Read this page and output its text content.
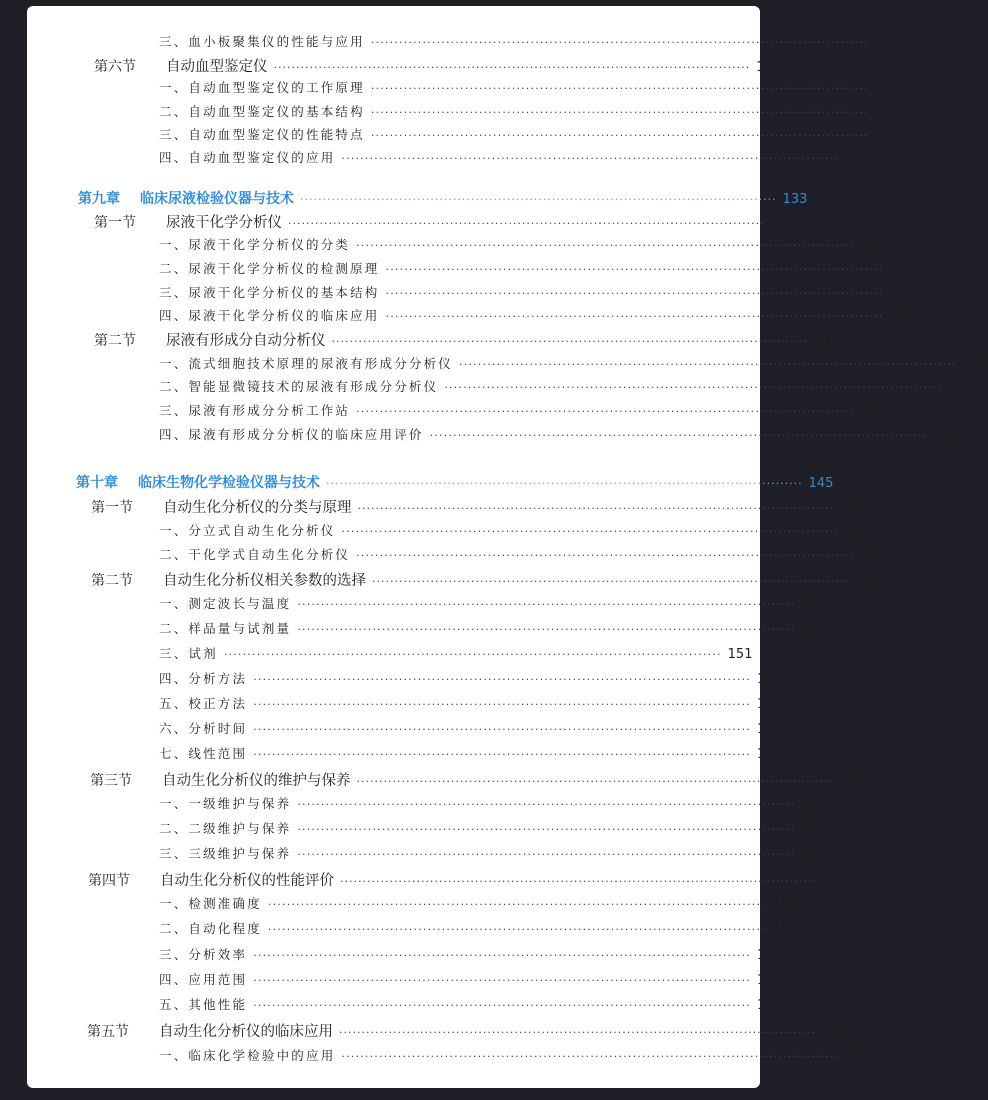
三、血小板聚集仪的性能与应用 ·········································································································· 126
第六节	自动血型鉴定仪 ·········································································································· 126
一、自动血型鉴定仪的工作原理 ·········································································································· 126
二、自动血型鉴定仪的基本结构 ·········································································································· 127
三、自动血型鉴定仪的性能特点 ·········································································································· 129
四、自动血型鉴定仪的应用 ·········································································································· 130
第九章	临床尿液检验仪器与技术 ·········································································································· 133
第一节	尿液干化学分析仪 ·········································································································· 133
一、尿液干化学分析仪的分类 ·········································································································· 134
二、尿液干化学分析仪的检测原理 ·········································································································· 134
三、尿液干化学分析仪的基本结构 ·········································································································· 136
四、尿液干化学分析仪的临床应用 ·········································································································· 137
第二节	尿液有形成分自动分析仪 ·········································································································· 137
一、流式细胞技术原理的尿液有形成分分析仪 ·········································································································· 138
二、智能显微镜技术的尿液有形成分分析仪 ·········································································································· 140
三、尿液有形成分分析工作站 ·········································································································· 142
四、尿液有形成分分析仪的临床应用评价 ·········································································································· 143
第十章	临床生物化学检验仪器与技术 ·········································································································· 145
第一节	自动生化分析仪的分类与原理 ·········································································································· 145
一、分立式自动生化分析仪 ·········································································································· 146
二、干化学式自动生化分析仪 ·········································································································· 149
第二节	自动生化分析仪相关参数的选择 ·········································································································· 150
一、测定波长与温度 ·········································································································· 150
二、样品量与试剂量 ·········································································································· 151
三、试剂 ·········································································································· 151
四、分析方法 ·········································································································· 151
五、校正方法 ·········································································································· 153
六、分析时间 ·········································································································· 153
七、线性范围 ·········································································································· 153
第三节	自动生化分析仪的维护与保养 ·········································································································· 153
一、一级维护与保养 ·········································································································· 153
二、二级维护与保养 ·········································································································· 154
三、三级维护与保养 ·········································································································· 154
第四节	自动生化分析仪的性能评价 ·········································································································· 154
一、检测准确度 ·········································································································· 154
二、自动化程度 ·········································································································· 154
三、分析效率 ·········································································································· 155
四、应用范围 ·········································································································· 155
五、其他性能 ·········································································································· 155
第五节	自动生化分析仪的临床应用 ·········································································································· 155
一、临床化学检验中的应用 ·········································································································· 156
